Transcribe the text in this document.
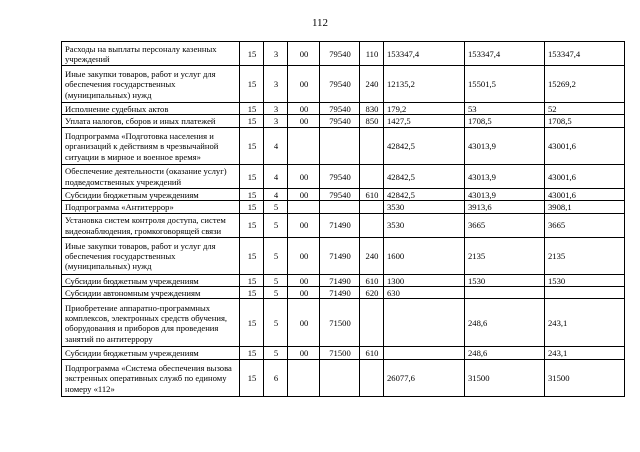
112
Расходы на выплаты персоналу казенных учреждений	15	3	00	79540	110	153347,4	153347,4	153347,4
Иные закупки товаров, работ и услуг для обеспечения государственных (муниципальных) нужд	15	3	00	79540	240	12135,2	15501,5	15269,2
Исполнение судебных актов	15	3	00	79540	830	179,2	53	52
Уплата налогов, сборов и иных платежей	15	3	00	79540	850	1427,5	1708,5	1708,5
Подпрограмма «Подготовка населения и организаций к действиям в чрезвычайной ситуации в мирное и военное время»	15	4				42842,5	43013,9	43001,6
Обеспечение деятельности (оказание услуг) подведомственных учреждений	15	4	00	79540		42842,5	43013,9	43001,6
Субсидии бюджетным учреждениям	15	4	00	79540	610	42842,5	43013,9	43001,6
Подпрограмма «Антитеррор»	15	5				3530	3913,6	3908,1
Установка систем контроля доступа, систем видеонаблюдения, громкоговорящей связи	15	5	00	71490		3530	3665	3665
Иные закупки товаров, работ и услуг для обеспечения государственных (муниципальных) нужд	15	5	00	71490	240	1600	2135	2135
Субсидии бюджетным учреждениям	15	5	00	71490	610	1300	1530	1530
Субсидии автономным учреждениям	15	5	00	71490	620	630		
Приобретение аппаратно-программных комплексов, электронных средств обучения, оборудования и приборов для проведения занятий по антитеррору	15	5	00	71500			248,6	243,1
Субсидии бюджетным учреждениям	15	5	00	71500	610		248,6	243,1
Подпрограмма «Система обеспечения вызова экстренных оперативных служб по единому номеру «112»	15	6				26077,6	31500	31500
